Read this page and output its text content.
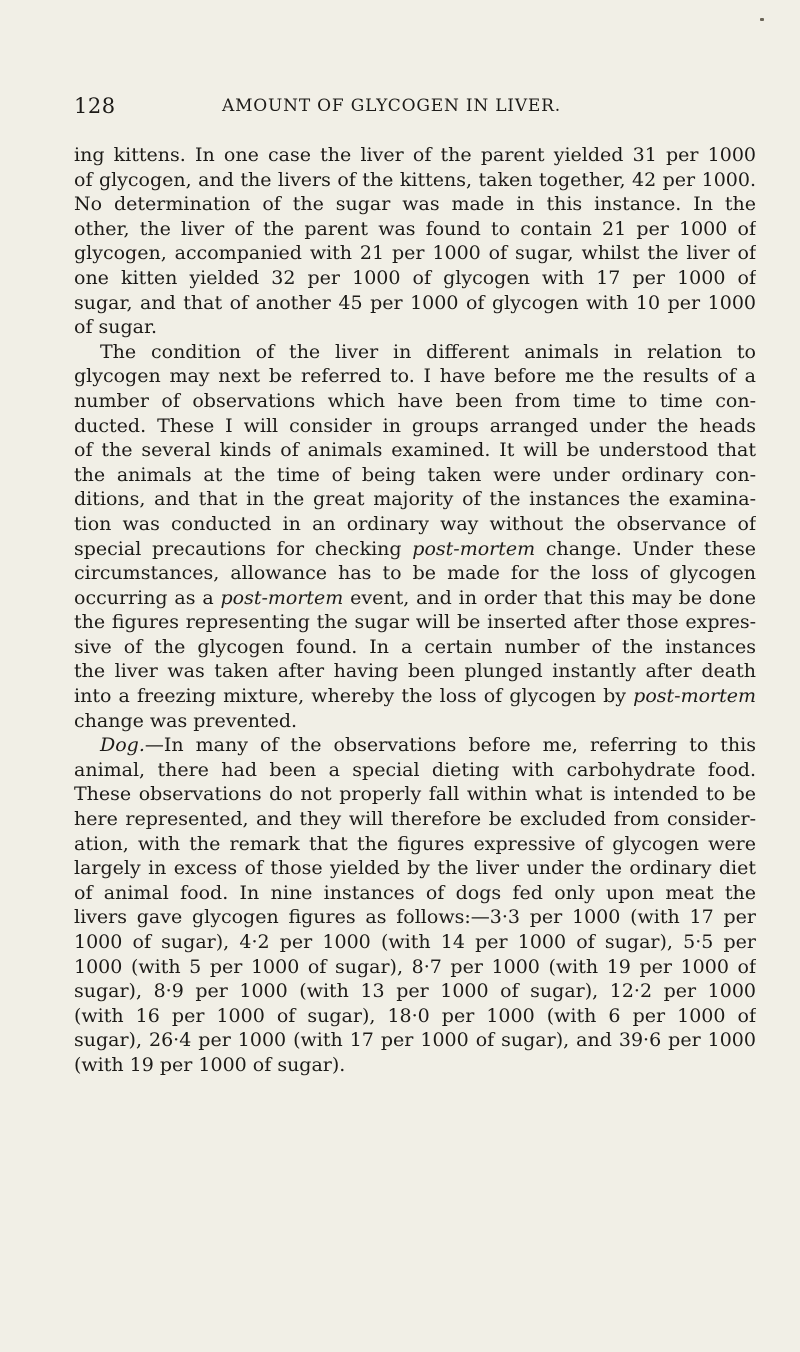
128	AMOUNT OF GLYCOGEN IN LIVER.
ing kittens. In one case the liver of the parent yielded 31 per 1000
of glycogen, and the livers of the kittens, taken together, 42 per 1000.
No determination of the sugar was made in this instance. In the
other, the liver of the parent was found to contain 21 per 1000 of
glycogen, accompanied with 21 per 1000 of sugar, whilst the liver of
one kitten yielded 32 per 1000 of glycogen with 17 per 1000 of
sugar, and that of another 45 per 1000 of glycogen with 10 per 1000
of sugar.
The condition of the liver in different animals in relation to
glycogen may next be referred to. I have before me the results of a
number of observations which have been from time to time con-
ducted. These I will consider in groups arranged under the heads
of the several kinds of animals examined. It will be understood that
the animals at the time of being taken were under ordinary con-
ditions, and that in the great majority of the instances the examina-
tion was conducted in an ordinary way without the observance of
special precautions for checking post-mortem change. Under these
circumstances, allowance has to be made for the loss of glycogen
occurring as a post-mortem event, and in order that this may be done
the figures representing the sugar will be inserted after those expres-
sive of the glycogen found. In a certain number of the instances
the liver was taken after having been plunged instantly after death
into a freezing mixture, whereby the loss of glycogen by post-mortem
change was prevented.
Dog.—In many of the observations before me, referring to this
animal, there had been a special dieting with carbohydrate food.
These observations do not properly fall within what is intended to be
here represented, and they will therefore be excluded from consider-
ation, with the remark that the figures expressive of glycogen were
largely in excess of those yielded by the liver under the ordinary diet
of animal food. In nine instances of dogs fed only upon meat the
livers gave glycogen figures as follows:—3·3 per 1000 (with 17 per
1000 of sugar), 4·2 per 1000 (with 14 per 1000 of sugar), 5·5 per
1000 (with 5 per 1000 of sugar), 8·7 per 1000 (with 19 per 1000 of
sugar), 8·9 per 1000 (with 13 per 1000 of sugar), 12·2 per 1000
(with 16 per 1000 of sugar), 18·0 per 1000 (with 6 per 1000 of
sugar), 26·4 per 1000 (with 17 per 1000 of sugar), and 39·6 per 1000
(with 19 per 1000 of sugar).
